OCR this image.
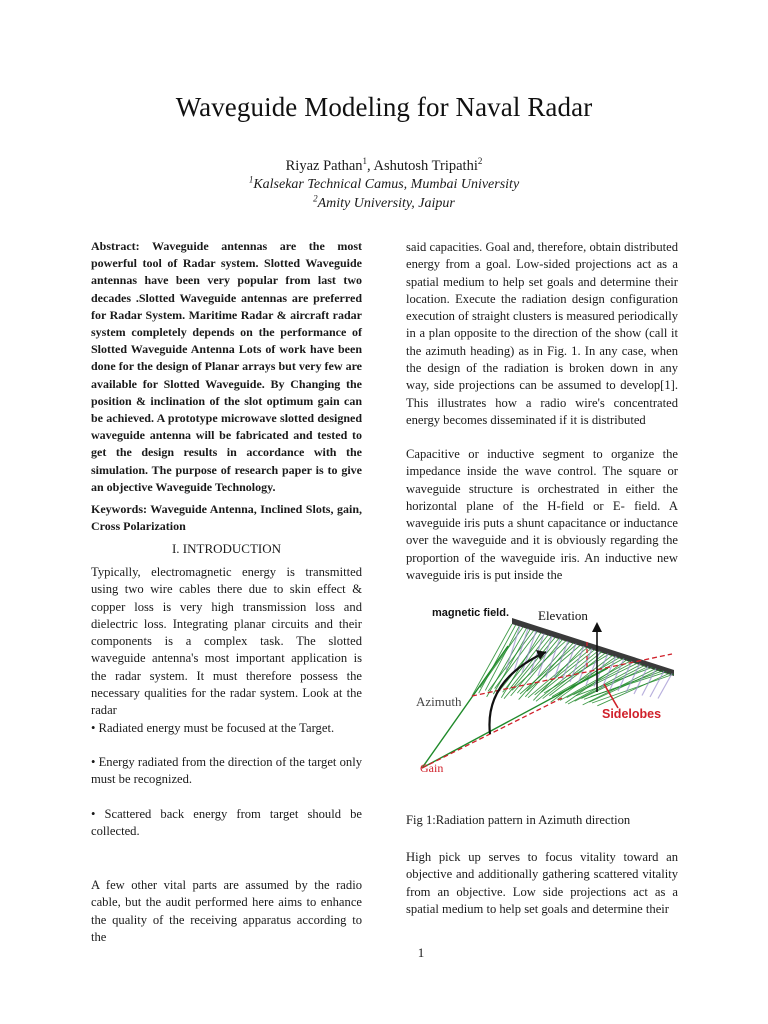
Waveguide Modeling for Naval Radar
Riyaz Pathan$^1$, Ashutosh Tripathi$^2$
$^1$Kalsekar Technical Camus, Mumbai University
$^2$Amity University, Jaipur
Abstract: Waveguide antennas are the most powerful tool of Radar system. Slotted Waveguide antennas have been very popular from last two decades .Slotted Waveguide antennas are preferred for Radar System. Maritime Radar & aircraft radar system completely depends on the performance of Slotted Waveguide Antenna Lots of work have been done for the design of Planar arrays but very few are available for Slotted Waveguide. By Changing the position & inclination of the slot optimum gain can be achieved. A prototype microwave slotted designed waveguide antenna will be fabricated and tested to get the design results in accordance with the simulation. The purpose of research paper is to give an objective Waveguide Technology.
Keywords: Waveguide Antenna, Inclined Slots, gain, Cross Polarization
I. INTRODUCTION
Typically, electromagnetic energy is transmitted using two wire cables there due to skin effect & copper loss is very high transmission loss and dielectric loss. Integrating planar circuits and their components is a complex task. The slotted waveguide antenna's most important application is the radar system. It must therefore possess the necessary qualities for the radar system. Look at the radar
• Radiated energy must be focused at the Target.
• Energy radiated from the direction of the target only must be recognized.
• Scattered back energy from target should be collected.
A few other vital parts are assumed by the radio cable, but the audit performed here aims to enhance the quality of the receiving apparatus according to the
said capacities. Goal and, therefore, obtain distributed energy from a goal. Low-sided projections act as a spatial medium to help set goals and determine their location. Execute the radiation design configuration execution of straight clusters is measured periodically in a plan opposite to the direction of the show (call it the azimuth heading) as in Fig. 1. In any case, when the design of the radiation is broken down in any way, side projections can be assumed to develop[1]. This illustrates how a radio wire's concentrated energy becomes disseminated if it is distributed
Capacitive or inductive segment to organize the impedance inside the wave control. The square or waveguide structure is orchestrated in either the horizontal plane of the H-field or E- field. A waveguide iris puts a shunt capacitance or inductance over the waveguide and it is obviously regarding the proportion of the waveguide iris. An inductive new waveguide iris is put inside the
magnetic field. Elevation
Azimuth
Sidelobes
Gain
Fig 1:Radiation pattern in Azimuth direction
High pick up serves to focus vitality toward an objective and additionally gathering scattered vitality from an objective. Low side projections act as a spatial medium to help set goals and determine their
1
